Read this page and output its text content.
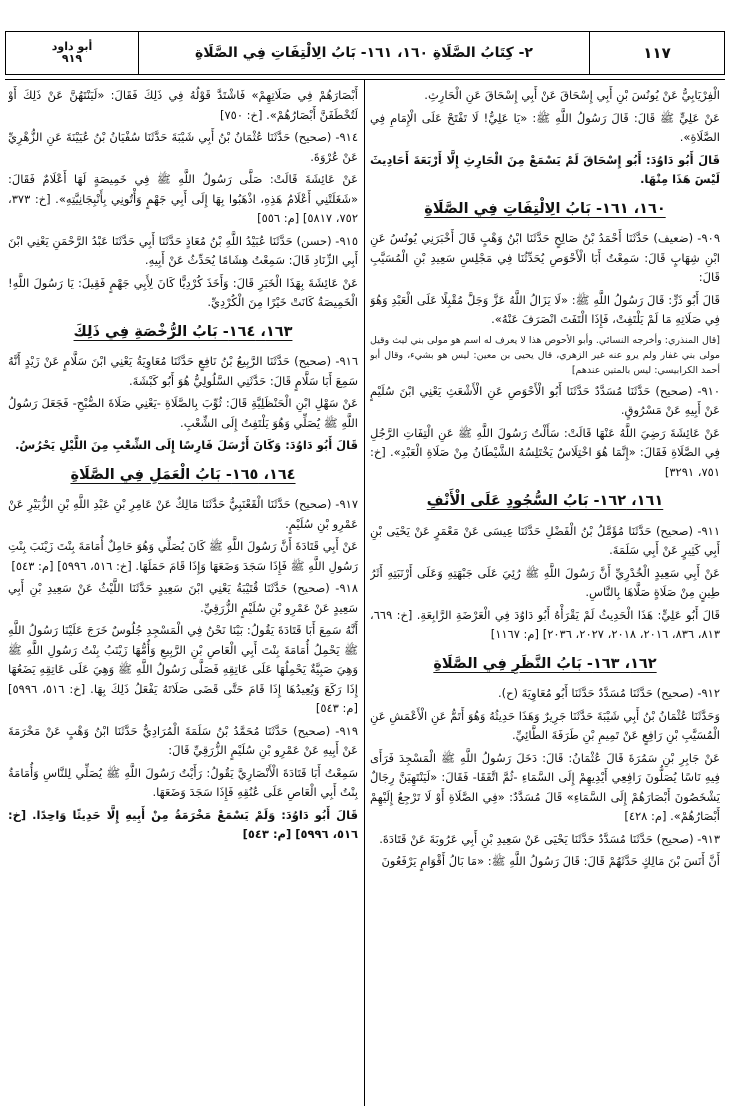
أبو داود
٩١٩	٢- كِتَابُ الصَّلَاةِ ١٦٠، ١٦١- بَابُ الِالْتِفَاتِ فِي الصَّلَاةِ	١١٧
الْفِرْيَابِيُّ عَنْ يُونُسَ بْنِ أَبِي إِسْحَاقَ عَنْ أَبِي إِسْحَاقَ عَنِ الْحَارِثِ.
عَنْ عَلِيٍّ ﷺ قَالَ: قَالَ رَسُولُ اللَّهِ ﷺ: «يَا عَلِيُّ! لَا تَفْتَحْ عَلَى الْإِمَامِ فِي الصَّلَاةِ».
قَالَ أَبُو دَاوُدَ: أَبُو إِسْحَاقَ لَمْ يَسْمَعْ مِنَ الْحَارِثِ إِلَّا أَرْبَعَةَ أَحَادِيثَ لَيْسَ هَذَا مِنْهَا.
١٦٠، ١٦١- بَابُ الِالْتِفَاتِ فِي الصَّلَاةِ
٩٠٩- (ضعيف) حَدَّثَنَا أَحْمَدُ بْنُ صَالِحٍ حَدَّثَنَا ابْنُ وَهْبٍ قَالَ أَخْبَرَنِي يُونُسُ عَنِ ابْنِ شِهَابٍ قَالَ: سَمِعْتُ أَبَا الْأَحْوَصِ يُحَدِّثُنَا فِي مَجْلِسِ سَعِيدِ بْنِ الْمُسَيَّبِ قَالَ:
قَالَ أَبُو ذَرٍّ: قَالَ رَسُولُ اللَّهِ ﷺ: «لَا يَزَالُ اللَّهُ عَزَّ وَجَلَّ مُقْبِلًا عَلَى الْعَبْدِ وَهُوَ فِي صَلَاتِهِ مَا لَمْ يَلْتَفِتْ، فَإِذَا الْتَفَتَ انْصَرَفَ عَنْهُ».
[قال المنذري: وأخرجه النسائي. وأبو الأحوص هذا لا يعرف له اسم هو مولى بني ليث وقيل مولى بني غفار ولم يرو عنه غير الزهري، قال يحيى بن معين: ليس هو بشيء، وقال أبو أحمد الكرابيسي: ليس بالمتين عندهم]
٩١٠- (صحيح) حَدَّثَنَا مُسَدَّدٌ حَدَّثَنَا أَبُو الْأَحْوَصِ عَنِ الْأَشْعَثِ يَعْنِي ابْنَ سُلَيْمٍ عَنْ أَبِيهِ عَنْ مَسْرُوقٍ.
عَنْ عَائِشَةَ رَضِيَ اللَّهُ عَنْهَا قَالَتْ: سَأَلْتُ رَسُولَ اللَّهِ ﷺ عَنِ الْتِفَاتِ الرَّجُلِ فِي الصَّلَاةِ فَقَالَ: «إِنَّمَا هُوَ اخْتِلَاسٌ يَخْتَلِسُهُ الشَّيْطَانُ مِنْ صَلَاةِ الْعَبْدِ». [خ: ٧٥١، ٣٢٩١]
١٦١، ١٦٢- بَابُ السُّجُودِ عَلَى الْأَنْفِ
٩١١- (صحيح) حَدَّثَنَا مُؤَمَّلُ بْنُ الْفَضْلِ حَدَّثَنَا عِيسَى عَنْ مَعْمَرٍ عَنْ يَحْيَى بْنِ أَبِي كَثِيرٍ عَنْ أَبِي سَلَمَةَ.
عَنْ أَبِي سَعِيدٍ الْخُدْرِيِّ أَنَّ رَسُولَ اللَّهِ ﷺ رُئِيَ عَلَى جَبْهَتِهِ وَعَلَى أَرْنَبَتِهِ أَثَرُ طِينٍ مِنْ صَلَاةٍ صَلَّاهَا بِالنَّاسِ.
قَالَ أَبُو عَلِيٍّ: هَذَا الْحَدِيثُ لَمْ يَقْرَأْهُ أَبُو دَاوُدَ فِي الْعَرْضَةِ الرَّابِعَةِ. [خ: ٦٦٩، ٨١٣، ٨٣٦، ٢٠١٦، ٢٠١٨، ٢٠٢٧، ٢٠٣٦] [م: ١١٦٧]
١٦٢، ١٦٣- بَابُ النَّظَرِ فِي الصَّلَاةِ
٩١٢- (صحيح) حَدَّثَنَا مُسَدَّدٌ حَدَّثَنَا أَبُو مُعَاوِيَةَ (ح).
وَحَدَّثَنَا عُثْمَانُ بْنُ أَبِي شَيْبَةَ حَدَّثَنَا جَرِيرٌ وَهَذَا حَدِيثُهُ وَهُوَ أَتَمُّ عَنِ الْأَعْمَشِ عَنِ الْمُسَيَّبِ بْنِ رَافِعٍ عَنْ تَمِيمِ بْنِ طَرَفَةَ الطَّائِيِّ.
عَنْ جَابِرِ بْنِ سَمُرَةَ قَالَ عُثْمَانُ: قَالَ: دَخَلَ رَسُولُ اللَّهِ ﷺ الْمَسْجِدَ فَرَأَى فِيهِ نَاسًا يُصَلُّونَ رَافِعِي أَيْدِيهِمْ إِلَى السَّمَاءِ -ثُمَّ اتَّفَقَا- فَقَالَ: «لَيَنْتَهِيَنَّ رِجَالٌ يَشْخَصُونَ أَبْصَارَهُمْ إِلَى السَّمَاءِ» قَالَ مُسَدَّدٌ: «فِي الصَّلَاةِ أَوْ لَا تَرْجِعُ إِلَيْهِمْ أَبْصَارُهُمْ». [م: ٤٢٨]
٩١٣- (صحيح) حَدَّثَنَا مُسَدَّدٌ حَدَّثَنَا يَحْيَى عَنْ سَعِيدِ بْنِ أَبِي عَرُوبَةَ عَنْ قَتَادَةَ.
أَنَّ أَنَسَ بْنَ مَالِكٍ حَدَّثَهُمْ قَالَ: قَالَ رَسُولُ اللَّهِ ﷺ: «مَا بَالُ أَقْوَامٍ يَرْفَعُونَ
أَبْصَارَهُمْ فِي صَلَاتِهِمْ» فَاشْتَدَّ قَوْلُهُ فِي ذَلِكَ فَقَالَ: «لَيَنْتَهُنَّ عَنْ ذَلِكَ أَوْ لَتُخْطَفَنَّ أَبْصَارُهُمْ». [خ: ٧٥٠]
٩١٤- (صحيح) حَدَّثَنَا عُثْمَانُ بْنُ أَبِي شَيْبَةَ حَدَّثَنَا سُفْيَانُ بْنُ عُيَيْنَةَ عَنِ الزُّهْرِيِّ عَنْ عُرْوَةَ.
عَنْ عَائِشَةَ قَالَتْ: صَلَّى رَسُولُ اللَّهِ ﷺ فِي خَمِيصَةٍ لَهَا أَعْلَامٌ فَقَالَ: «شَغَلَتْنِي أَعْلَامُ هَذِهِ، اذْهَبُوا بِهَا إِلَى أَبِي جَهْمٍ وَأْتُونِي بِأَنْبِجَانِيَّتِهِ». [خ: ٣٧٣، ٧٥٢، ٥٨١٧] [م: ٥٥٦]
٩١٥- (حسن) حَدَّثَنَا عُبَيْدُ اللَّهِ بْنُ مُعَاذٍ حَدَّثَنَا أَبِي حَدَّثَنَا عَبْدُ الرَّحْمَنِ يَعْنِي ابْنَ أَبِي الزِّنَادِ قَالَ: سَمِعْتُ هِشَامًا يُحَدِّثُ عَنْ أَبِيهِ.
عَنْ عَائِشَةَ بِهَذَا الْخَبَرِ قَالَ: وَأَخَذَ كُرْدِيًّا كَانَ لِأَبِي جَهْمٍ فَقِيلَ: يَا رَسُولَ اللَّهِ! الْخَمِيصَةُ كَانَتْ خَيْرًا مِنَ الْكُرْدِيِّ.
١٦٣، ١٦٤- بَابُ الرُّخْصَةِ فِي ذَلِكَ
٩١٦- (صحيح) حَدَّثَنَا الرَّبِيعُ بْنُ نَافِعٍ حَدَّثَنَا مُعَاوِيَةُ يَعْنِي ابْنَ سَلَّامٍ عَنْ زَيْدٍ أَنَّهُ سَمِعَ أَبَا سَلَّامٍ قَالَ: حَدَّثَنِي السَّلُولِيُّ هُوَ أَبُو كَبْشَةَ.
عَنْ سَهْلِ ابْنِ الْحَنْظَلِيَّةِ قَالَ: ثُوِّبَ بِالصَّلَاةِ -يَعْنِي صَلَاةَ الصُّبْحِ- فَجَعَلَ رَسُولُ اللَّهِ ﷺ يُصَلِّي وَهُوَ يَلْتَفِتُ إِلَى الشِّعْبِ.
قَالَ أَبُو دَاوُدَ: وَكَانَ أَرْسَلَ فَارِسًا إِلَى الشِّعْبِ مِنَ اللَّيْلِ يَحْرُسُ.
١٦٤، ١٦٥- بَابُ الْعَمَلِ فِي الصَّلَاةِ
٩١٧- (صحيح) حَدَّثَنَا الْقَعْنَبِيُّ حَدَّثَنَا مَالِكٌ عَنْ عَامِرِ بْنِ عَبْدِ اللَّهِ بْنِ الزُّبَيْرِ عَنْ عَمْرِو بْنِ سُلَيْمٍ.
عَنْ أَبِي قَتَادَةَ أَنَّ رَسُولَ اللَّهِ ﷺ كَانَ يُصَلِّي وَهُوَ حَامِلٌ أُمَامَةَ بِنْتَ زَيْنَبَ بِنْتِ رَسُولِ اللَّهِ ﷺ فَإِذَا سَجَدَ وَضَعَهَا وَإِذَا قَامَ حَمَلَهَا. [خ: ٥١٦، ٥٩٩٦] [م: ٥٤٣]
٩١٨- (صحيح) حَدَّثَنَا قُتَيْبَةُ يَعْنِي ابْنَ سَعِيدٍ حَدَّثَنَا اللَّيْثُ عَنْ سَعِيدِ بْنِ أَبِي سَعِيدٍ عَنْ عَمْرِو بْنِ سُلَيْمٍ الزُّرَقِيِّ.
أَنَّهُ سَمِعَ أَبَا قَتَادَةَ يَقُولُ: بَيْنَا نَحْنُ فِي الْمَسْجِدِ جُلُوسٌ خَرَجَ عَلَيْنَا رَسُولُ اللَّهِ ﷺ يَحْمِلُ أُمَامَةَ بِنْتَ أَبِي الْعَاصِ بْنِ الرَّبِيعِ وَأُمُّهَا زَيْنَبُ بِنْتُ رَسُولِ اللَّهِ ﷺ وَهِيَ صَبِيَّةٌ يَحْمِلُهَا عَلَى عَاتِقِهِ فَصَلَّى رَسُولُ اللَّهِ ﷺ وَهِيَ عَلَى عَاتِقِهِ يَضَعُهَا إِذَا رَكَعَ وَيُعِيدُهَا إِذَا قَامَ حَتَّى قَضَى صَلَاتَهُ يَفْعَلُ ذَلِكَ بِهَا. [خ: ٥١٦، ٥٩٩٦] [م: ٥٤٣]
٩١٩- (صحيح) حَدَّثَنَا مُحَمَّدُ بْنُ سَلَمَةَ الْمُرَادِيُّ حَدَّثَنَا ابْنُ وَهْبٍ عَنْ مَخْرَمَةَ عَنْ أَبِيهِ عَنْ عَمْرِو بْنِ سُلَيْمٍ الزُّرَقِيِّ قَالَ:
سَمِعْتُ أَبَا قَتَادَةَ الْأَنْصَارِيَّ يَقُولُ: رَأَيْتُ رَسُولَ اللَّهِ ﷺ يُصَلِّي لِلنَّاسِ وَأُمَامَةُ بِنْتُ أَبِي الْعَاصِ عَلَى عُنُقِهِ فَإِذَا سَجَدَ وَضَعَهَا.
قَالَ أَبُو دَاوُدَ: وَلَمْ يَسْمَعْ مَخْرَمَةُ مِنْ أَبِيهِ إِلَّا حَدِيثًا وَاحِدًا. [خ: ٥١٦، ٥٩٩٦] [م: ٥٤٣]
